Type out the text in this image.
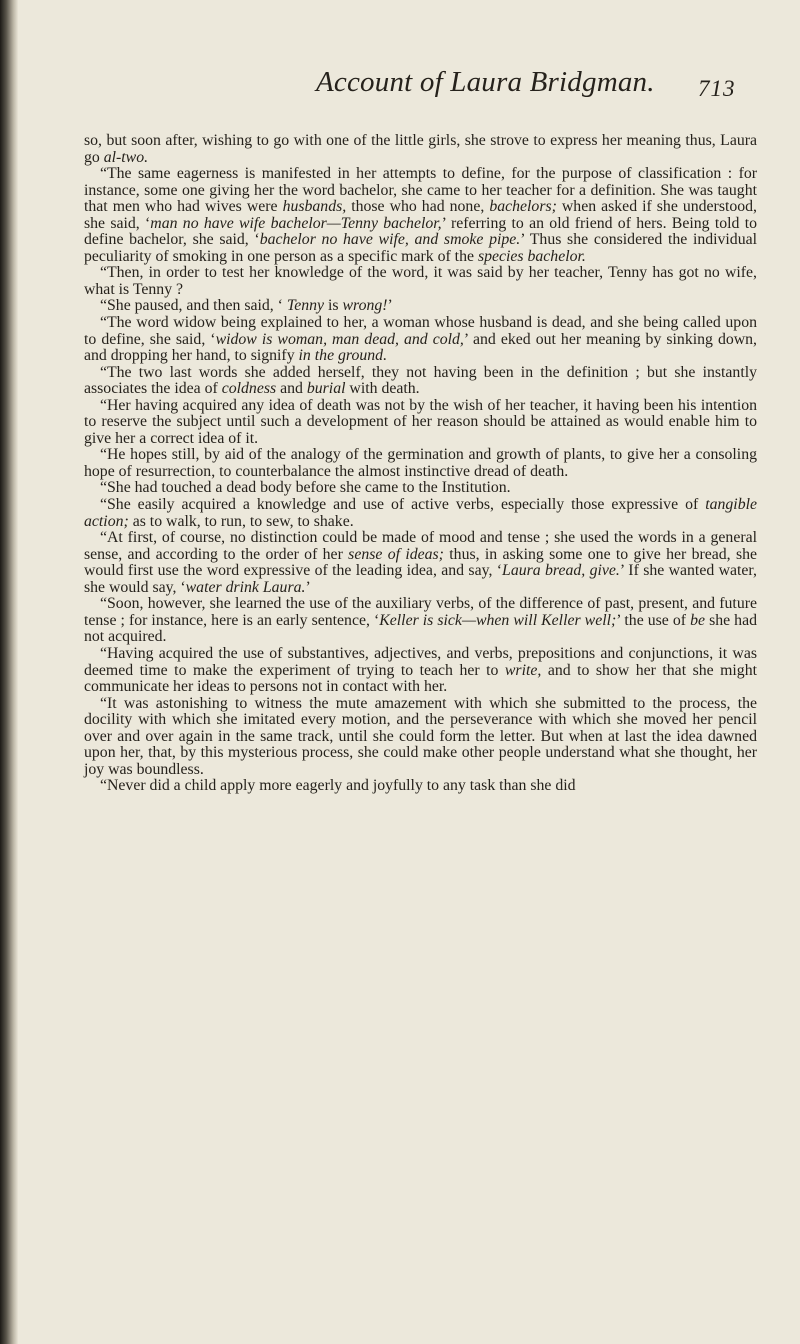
Account of Laura Bridgman. 713

so, but soon after, wishing to go with one of the little girls, she strove to express her meaning thus, Laura go al-two.

“The same eagerness is manifested in her attempts to define, for the purpose of classification : for instance, some one giving her the word bachelor, she came to her teacher for a definition. She was taught that men who had wives were husbands, those who had none, bachelors; when asked if she understood, she said, ‘man no have wife bachelor—Tenny bachelor,’ referring to an old friend of hers. Being told to define bachelor, she said, ‘bachelor no have wife, and smoke pipe.’ Thus she considered the individual peculiarity of smoking in one person as a specific mark of the species bachelor.

“Then, in order to test her knowledge of the word, it was said by her teacher, Tenny has got no wife, what is Tenny ?

“She paused, and then said, ‘ Tenny is wrong!’

“The word widow being explained to her, a woman whose husband is dead, and she being called upon to define, she said, ‘widow is woman, man dead, and cold,’ and eked out her meaning by sinking down, and dropping her hand, to signify in the ground.

“The two last words she added herself, they not having been in the definition ; but she instantly associates the idea of coldness and burial with death.

“Her having acquired any idea of death was not by the wish of her teacher, it having been his intention to reserve the subject until such a development of her reason should be attained as would enable him to give her a correct idea of it.

“He hopes still, by aid of the analogy of the germination and growth of plants, to give her a consoling hope of resurrection, to counterbalance the almost instinctive dread of death.

“She had touched a dead body before she came to the Institution.

“She easily acquired a knowledge and use of active verbs, especially those expressive of tangible action; as to walk, to run, to sew, to shake.

“At first, of course, no distinction could be made of mood and tense ; she used the words in a general sense, and according to the order of her sense of ideas; thus, in asking some one to give her bread, she would first use the word expressive of the leading idea, and say, ‘Laura bread, give.’ If she wanted water, she would say, ‘water drink Laura.’

“Soon, however, she learned the use of the auxiliary verbs, of the difference of past, present, and future tense ; for instance, here is an early sentence, ‘Keller is sick—when will Keller well;’ the use of be she had not acquired.

“Having acquired the use of substantives, adjectives, and verbs, prepositions and conjunctions, it was deemed time to make the experiment of trying to teach her to write, and to show her that she might communicate her ideas to persons not in contact with her.

“It was astonishing to witness the mute amazement with which she submitted to the process, the docility with which she imitated every motion, and the perseverance with which she moved her pencil over and over again in the same track, until she could form the letter. But when at last the idea dawned upon her, that, by this mysterious process, she could make other people understand what she thought, her joy was boundless.

“Never did a child apply more eagerly and joyfully to any task than she did
